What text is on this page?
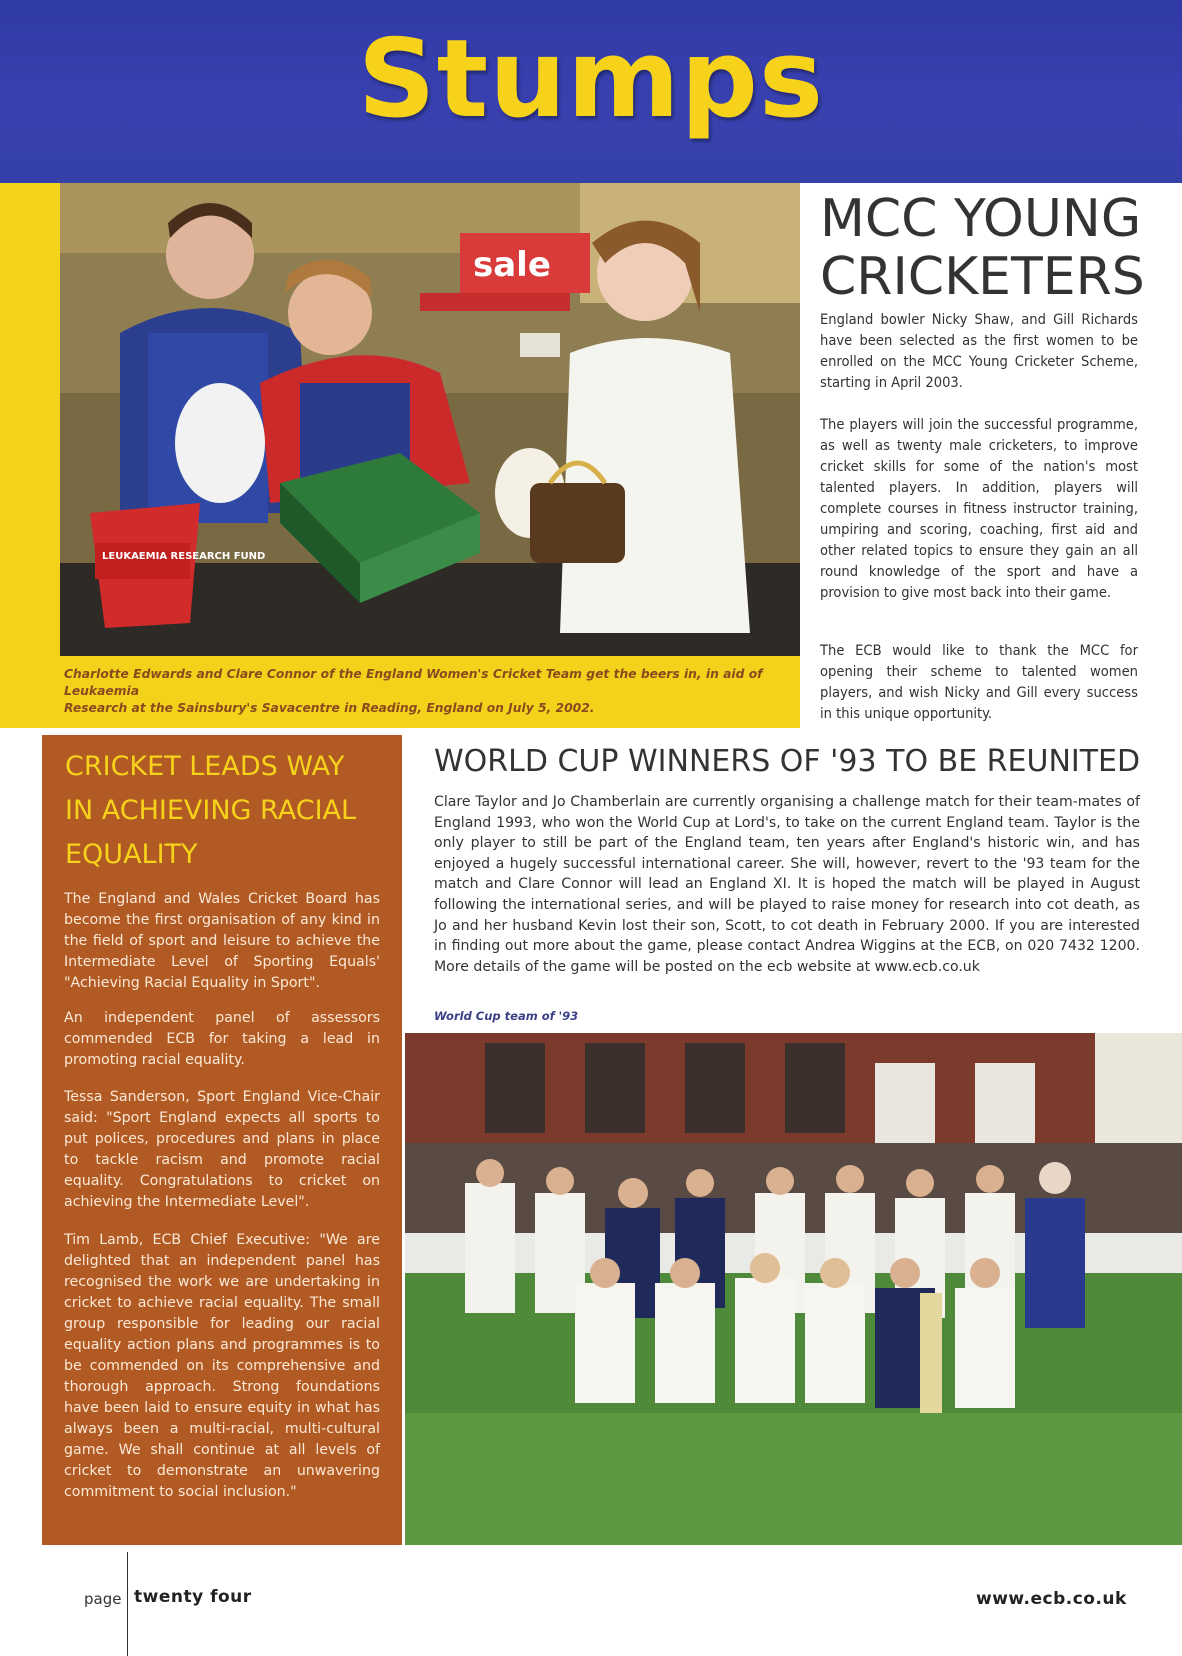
Stumps
sale
LEUKAEMIA RESEARCH FUND
Charlotte Edwards and Clare Connor of the England Women's Cricket Team get the beers in, in aid of Leukaemia
Research at the Sainsbury's Savacentre in Reading, England on July 5, 2002.
MCC YOUNG
CRICKETERS

England bowler Nicky Shaw, and Gill Richards have been selected as the first women to be enrolled on the MCC Young Cricketer Scheme, starting in April 2003.

The players will join the successful programme, as well as twenty male cricketers, to improve cricket skills for some of the nation's most talented players. In addition, players will complete courses in fitness instructor training, umpiring and scoring, coaching, first aid and other related topics to ensure they gain an all round knowledge of the sport and have a provision to give most back into their game.

The ECB would like to thank the MCC for opening their scheme to talented women players, and wish Nicky and Gill every success in this unique opportunity.

CRICKET LEADS WAY
IN ACHIEVING RACIAL
EQUALITY

The England and Wales Cricket Board has become the first organisation of any kind in the field of sport and leisure to achieve the Intermediate Level of Sporting Equals' "Achieving Racial Equality in Sport".

An independent panel of assessors commended ECB for taking a lead in promoting racial equality.

Tessa Sanderson, Sport England Vice-Chair said: "Sport England expects all sports to put polices, procedures and plans in place to tackle racism and promote racial equality. Congratulations to cricket on achieving the Intermediate Level".

Tim Lamb, ECB Chief Executive: "We are delighted that an independent panel has recognised the work we are undertaking in cricket to achieve racial equality. The small group responsible for leading our racial equality action plans and programmes is to be commended on its comprehensive and thorough approach. Strong foundations have been laid to ensure equity in what has always been a multi-racial, multi-cultural game. We shall continue at all levels of cricket to demonstrate an unwavering commitment to social inclusion."

WORLD CUP WINNERS OF '93 TO BE REUNITED

Clare Taylor and Jo Chamberlain are currently organising a challenge match for their team-mates of England 1993, who won the World Cup at Lord's, to take on the current England team. Taylor is the only player to still be part of the England team, ten years after England's historic win, and has enjoyed a hugely successful international career. She will, however, revert to the '93 team for the match and Clare Connor will lead an England XI. It is hoped the match will be played in August following the international series, and will be played to raise money for research into cot death, as Jo and her husband Kevin lost their son, Scott, to cot death in February 2000. If you are interested in finding out more about the game, please contact Andrea Wiggins at the ECB, on 020 7432 1200. More details of the game will be posted on the ecb website at www.ecb.co.uk

World Cup team of '93
page twenty four	www.ecb.co.uk
